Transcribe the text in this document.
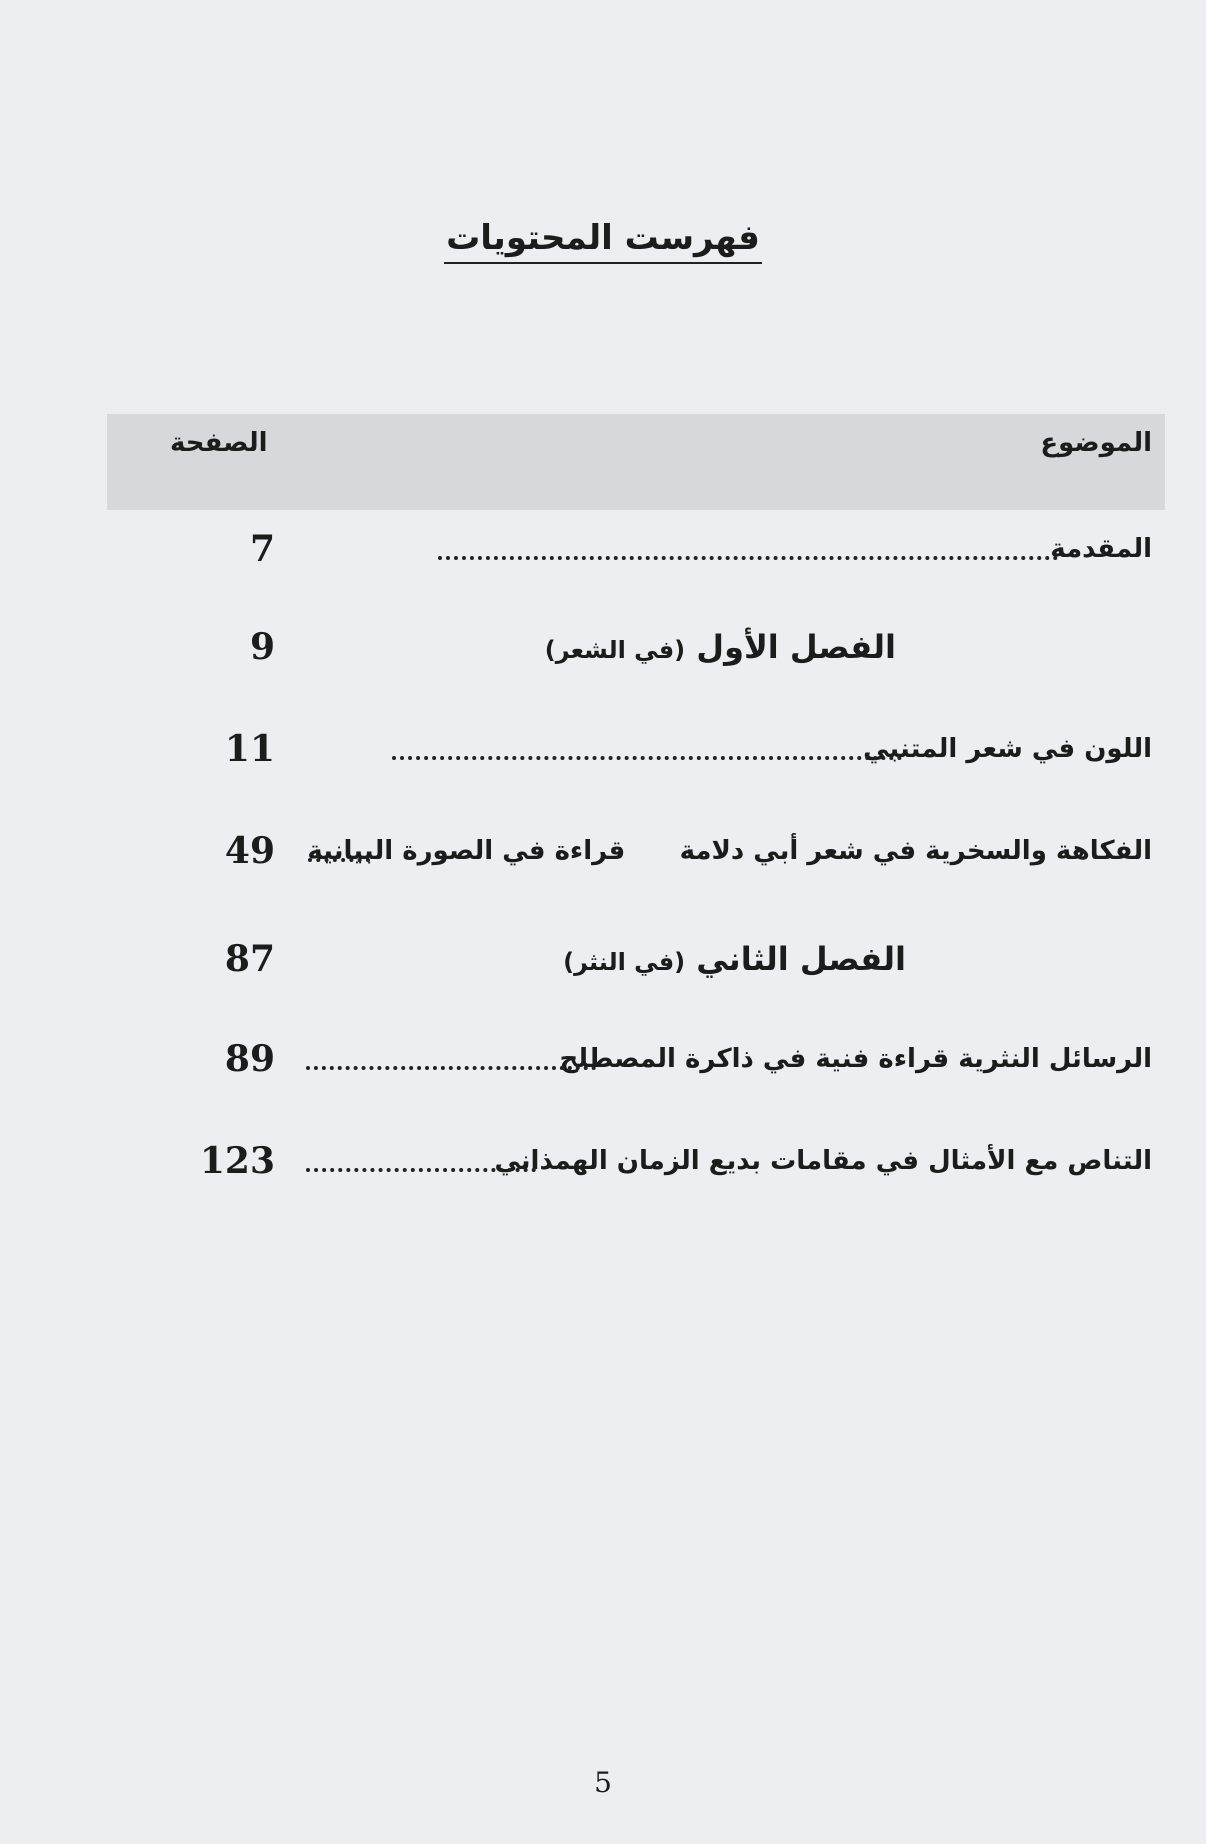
فهرست المحتويات
الموضوع
الصفحة
المقدمة
7
الفصل الأول (في الشعر)
9
اللون في شعر المتنبي
11
الفكاهة والسخرية في شعر أبي دلامة      قراءة في الصورة البيانية
49
الفصل الثاني (في النثر)
87
الرسائل النثرية قراءة فنية في ذاكرة المصطلح
89
التناص مع الأمثال في مقامات بديع الزمان الهمذاني
123
5
